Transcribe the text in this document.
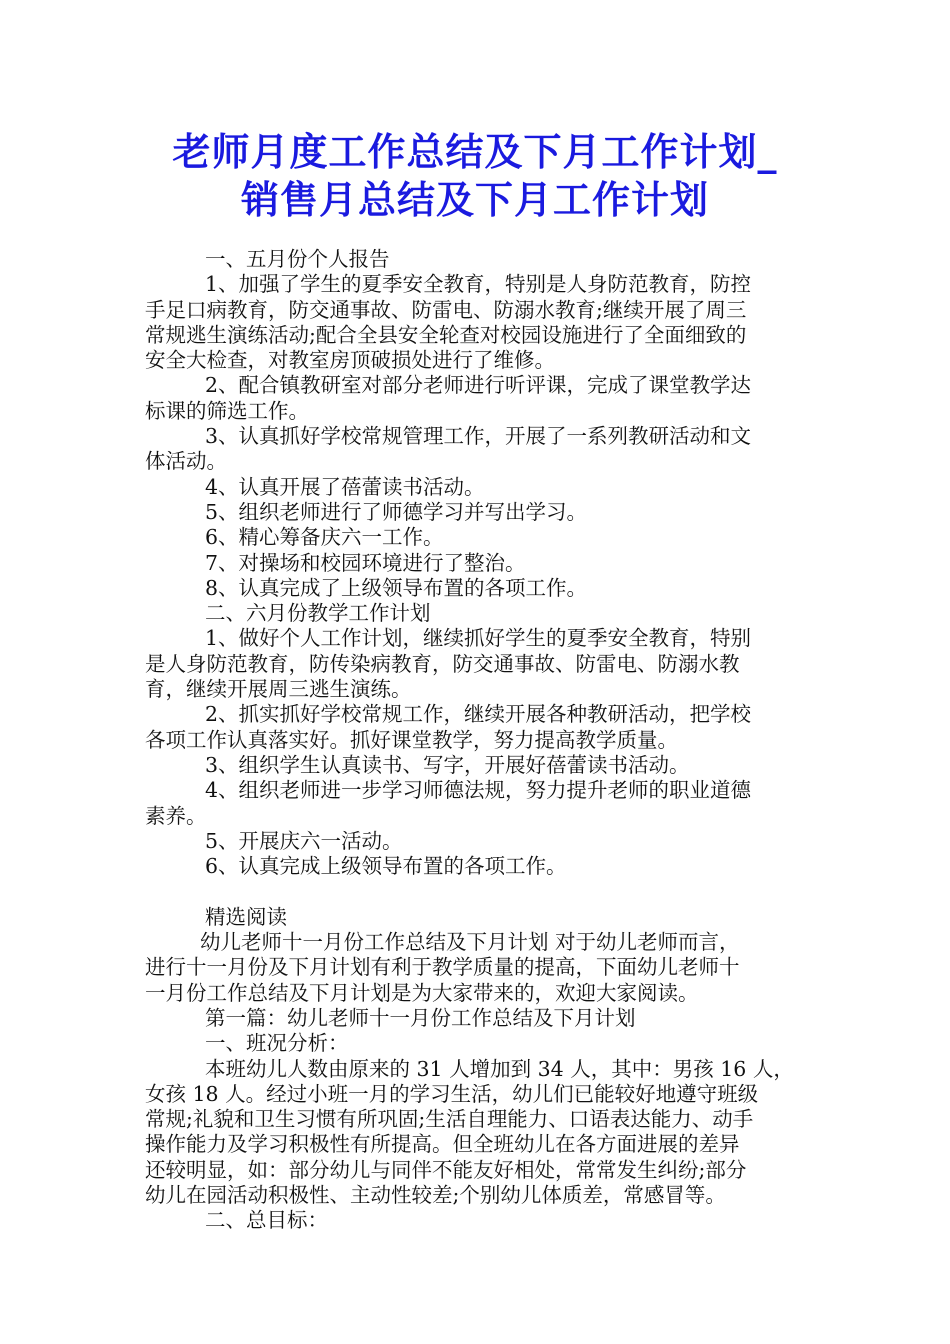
老师月度工作总结及下月工作计划_
销售月总结及下月工作计划
一、五月份个人报告
1、加强了学生的夏季安全教育，特别是人身防范教育，防控
手足口病教育，防交通事故、防雷电、防溺水教育;继续开展了周三
常规逃生演练活动;配合全县安全轮查对校园设施进行了全面细致的
安全大检查，对教室房顶破损处进行了维修。
2、配合镇教研室对部分老师进行听评课，完成了课堂教学达
标课的筛选工作。
3、认真抓好学校常规管理工作，开展了一系列教研活动和文
体活动。
4、认真开展了蓓蕾读书活动。
5、组织老师进行了师德学习并写出学习。
6、精心筹备庆六一工作。
7、对操场和校园环境进行了整治。
8、认真完成了上级领导布置的各项工作。
二、六月份教学工作计划
1、做好个人工作计划，继续抓好学生的夏季安全教育，特别
是人身防范教育，防传染病教育，防交通事故、防雷电、防溺水教
育，继续开展周三逃生演练。
2、抓实抓好学校常规工作，继续开展各种教研活动，把学校
各项工作认真落实好。抓好课堂教学，努力提高教学质量。
3、组织学生认真读书、写字，开展好蓓蕾读书活动。
4、组织老师进一步学习师德法规，努力提升老师的职业道德
素养。
5、开展庆六一活动。
6、认真完成上级领导布置的各项工作。
精选阅读
幼儿老师十一月份工作总结及下月计划 对于幼儿老师而言，
进行十一月份及下月计划有利于教学质量的提高，下面幼儿老师十
一月份工作总结及下月计划是为大家带来的，欢迎大家阅读。
第一篇：幼儿老师十一月份工作总结及下月计划
一、班况分析：
本班幼儿人数由原来的 31 人增加到 34 人，其中：男孩 16 人，
女孩 18 人。经过小班一月的学习生活，幼儿们已能较好地遵守班级
常规;礼貌和卫生习惯有所巩固;生活自理能力、口语表达能力、动手
操作能力及学习积极性有所提高。但全班幼儿在各方面进展的差异
还较明显，如：部分幼儿与同伴不能友好相处，常常发生纠纷;部分
幼儿在园活动积极性、主动性较差;个别幼儿体质差，常感冒等。
二、总目标：
